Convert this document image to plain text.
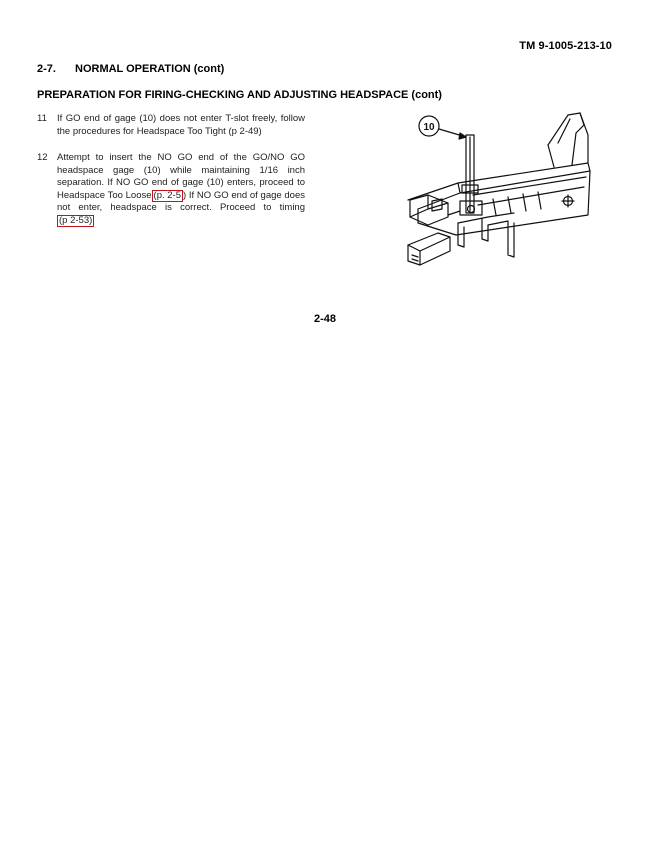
TM 9-1005-213-10
2-7. NORMAL OPERATION (cont)
PREPARATION FOR FIRING-CHECKING AND ADJUSTING HEADSPACE (cont)
11	If GO end of gage (10) does not enter T-slot freely, follow the procedures for Headspace Too Tight (p 2-49)
12 Attempt to insert the NO GO end of the GO/NO GO headspace gage (10) while maintaining 1/16 inch separation. If NO GO end of gage (10) enters, proceed to Headspace Too Loose (p. 2-5 ) If NO GO end of gage does not enter, headspace is correct. Proceed to timing (p 2-53)
10
2-48
